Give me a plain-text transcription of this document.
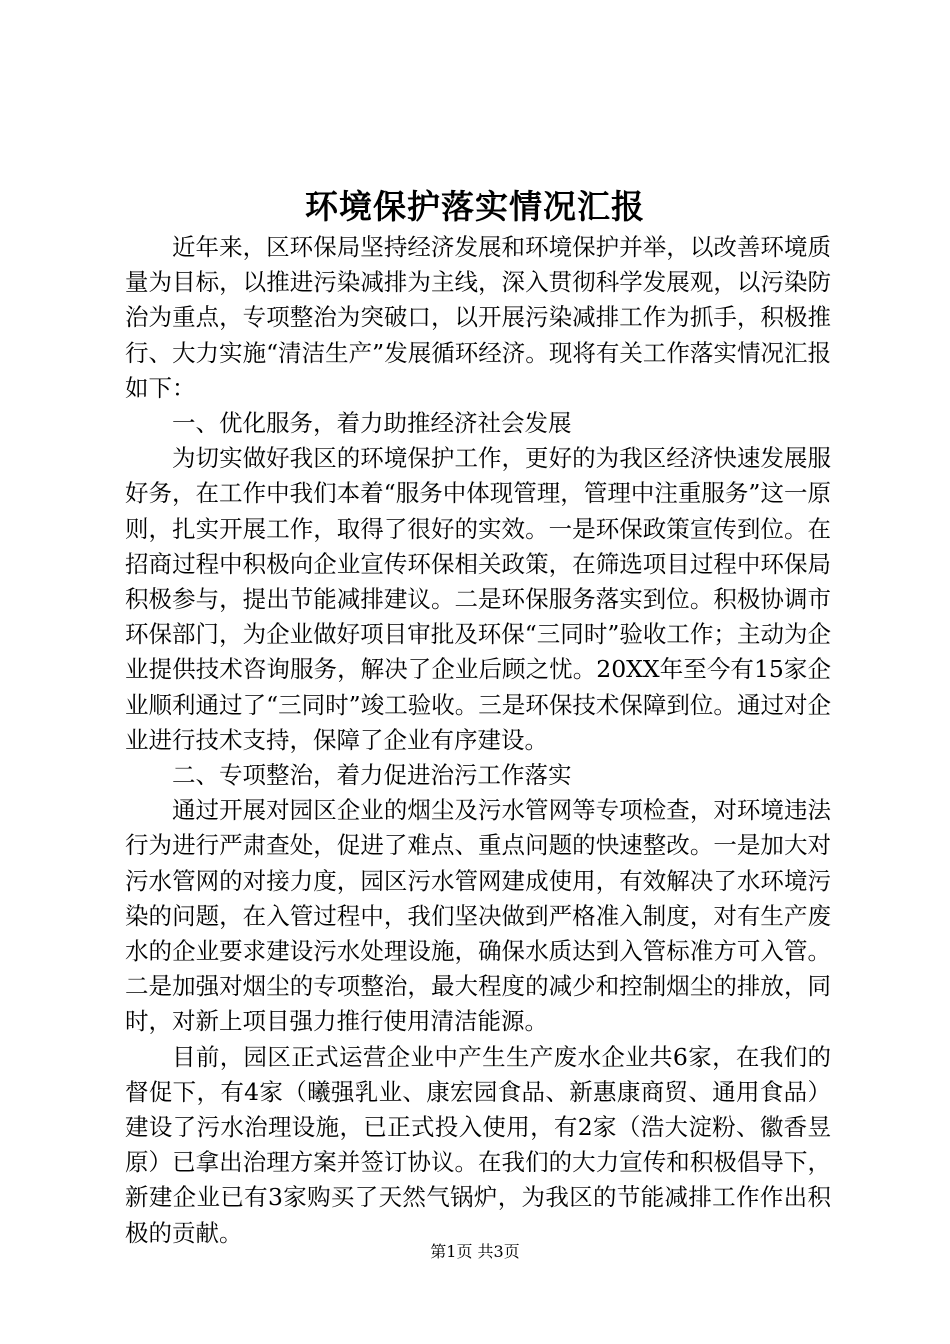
环境保护落实情况汇报

近年来，区环保局坚持经济发展和环境保护并举，以改善环境质量为目标，以推进污染减排为主线，深入贯彻科学发展观，以污染防治为重点，专项整治为突破口，以开展污染减排工作为抓手，积极推行、大力实施“清洁生产”发展循环经济。现将有关工作落实情况汇报如下：

一、优化服务，着力助推经济社会发展

为切实做好我区的环境保护工作，更好的为我区经济快速发展服好务，在工作中我们本着“服务中体现管理，管理中注重服务”这一原则，扎实开展工作，取得了很好的实效。一是环保政策宣传到位。在招商过程中积极向企业宣传环保相关政策，在筛选项目过程中环保局积极参与，提出节能减排建议。二是环保服务落实到位。积极协调市环保部门，为企业做好项目审批及环保“三同时”验收工作；主动为企业提供技术咨询服务，解决了企业后顾之忧。20XX年至今有15家企业顺利通过了“三同时”竣工验收。三是环保技术保障到位。通过对企业进行技术支持，保障了企业有序建设。

二、专项整治，着力促进治污工作落实

通过开展对园区企业的烟尘及污水管网等专项检查，对环境违法行为进行严肃查处，促进了难点、重点问题的快速整改。一是加大对污水管网的对接力度，园区污水管网建成使用，有效解决了水环境污染的问题，在入管过程中，我们坚决做到严格准入制度，对有生产废水的企业要求建设污水处理设施，确保水质达到入管标准方可入管。二是加强对烟尘的专项整治，最大程度的减少和控制烟尘的排放，同时，对新上项目强力推行使用清洁能源。

目前，园区正式运营企业中产生生产废水企业共6家，在我们的督促下，有4家（曦强乳业、康宏园食品、新惠康商贸、通用食品）建设了污水治理设施，已正式投入使用，有2家（浩大淀粉、徽香昱原）已拿出治理方案并签订协议。在我们的大力宣传和积极倡导下，新建企业已有3家购买了天然气锅炉，为我区的节能减排工作作出积极的贡献。

第1页 共3页
